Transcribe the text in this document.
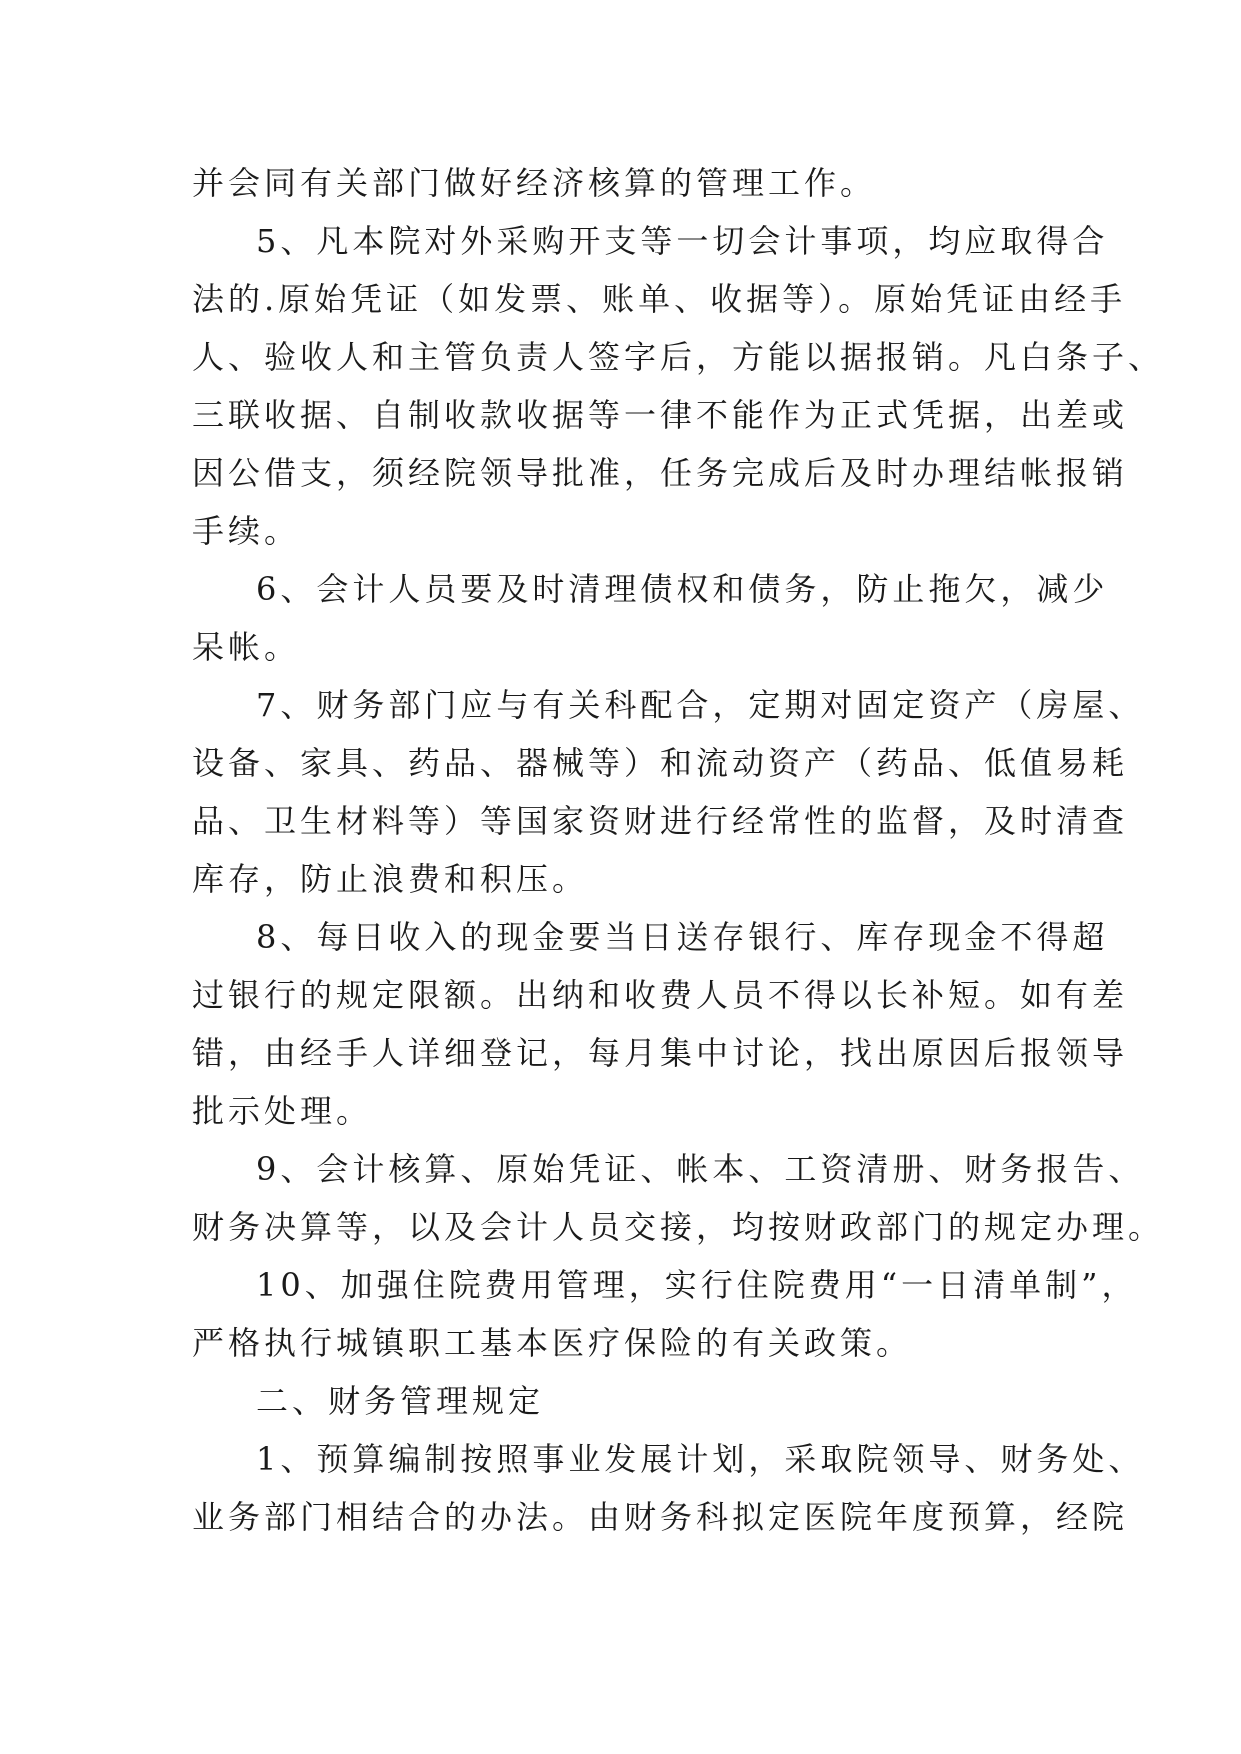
并会同有关部门做好经济核算的管理工作。
5、凡本院对外采购开支等一切会计事项，均应取得合
法的.原始凭证（如发票、账单、收据等）。原始凭证由经手
人、验收人和主管负责人签字后，方能以据报销。凡白条子、
三联收据、自制收款收据等一律不能作为正式凭据，出差或
因公借支，须经院领导批准，任务完成后及时办理结帐报销
手续。
6、会计人员要及时清理债权和债务，防止拖欠，减少
呆帐。
7、财务部门应与有关科配合，定期对固定资产（房屋、
设备、家具、药品、器械等）和流动资产（药品、低值易耗
品、卫生材料等）等国家资财进行经常性的监督，及时清查
库存，防止浪费和积压。
8、每日收入的现金要当日送存银行、库存现金不得超
过银行的规定限额。出纳和收费人员不得以长补短。如有差
错，由经手人详细登记，每月集中讨论，找出原因后报领导
批示处理。
9、会计核算、原始凭证、帐本、工资清册、财务报告、
财务决算等，以及会计人员交接，均按财政部门的规定办理。
10、加强住院费用管理，实行住院费用“一日清单制”，
严格执行城镇职工基本医疗保险的有关政策。
二、财务管理规定
1、预算编制按照事业发展计划，采取院领导、财务处、
业务部门相结合的办法。由财务科拟定医院年度预算，经院
